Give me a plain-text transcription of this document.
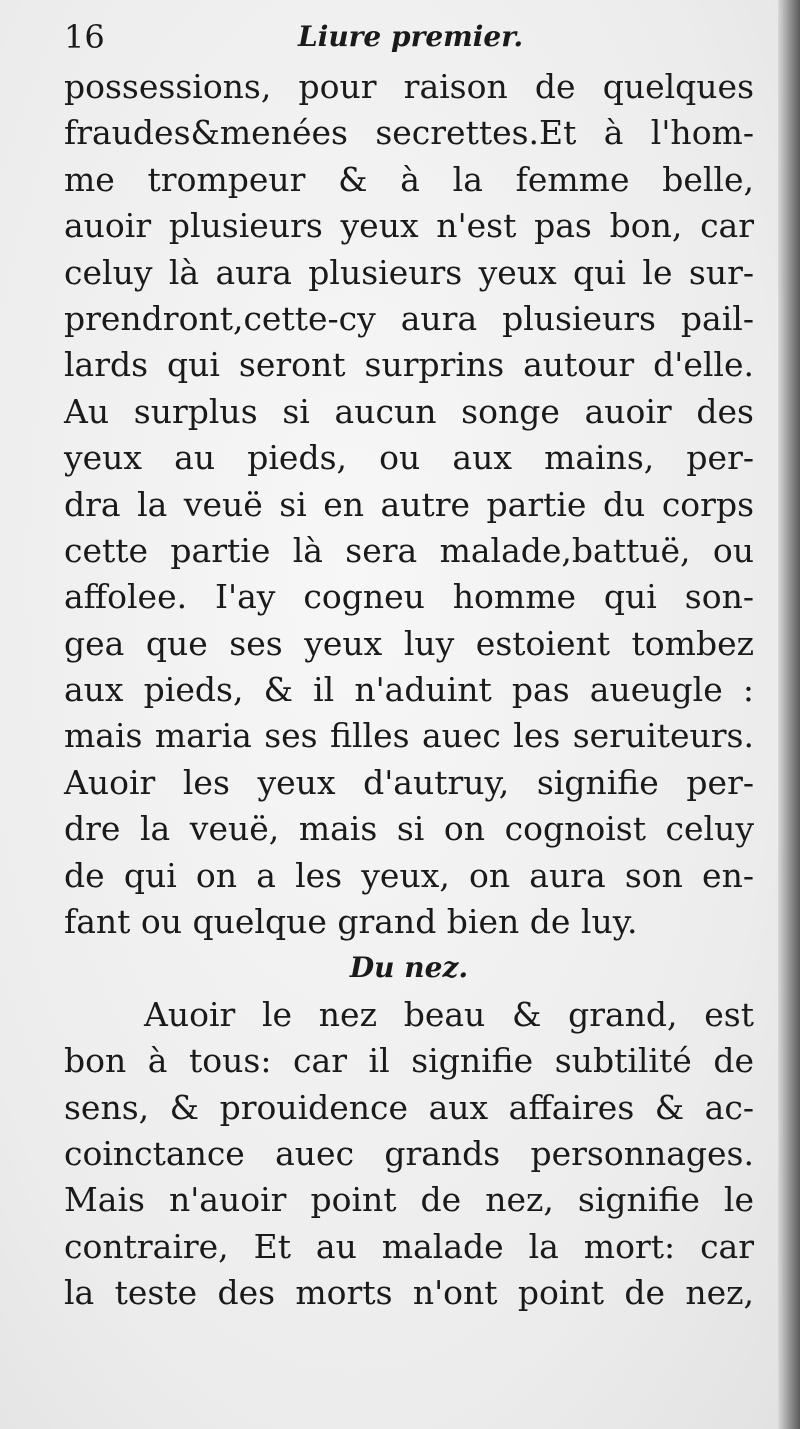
16	Liure premier.
possessions, pour raison de quelques
fraudes&menées secrettes.Et à l'hom-
me trompeur & à la femme belle,
auoir plusieurs yeux n'est pas bon, car
celuy là aura plusieurs yeux qui le sur-
prendront,cette-cy aura plusieurs pail-
lards qui seront surprins autour d'elle.
Au surplus si aucun songe auoir des
yeux au pieds, ou aux mains, per-
dra la veuë si en autre partie du corps
cette partie là sera malade,battuë, ou
affolee. I'ay cogneu homme qui son-
gea que ses yeux luy estoient tombez
aux pieds, & il n'aduint pas aueugle :
mais maria ses filles auec les seruiteurs.
Auoir les yeux d'autruy, signifie per-
dre la veuë, mais si on cognoist celuy
de qui on a les yeux, on aura son en-
fant ou quelque grand bien de luy.
Du nez.
Auoir le nez beau & grand, est
bon à tous: car il signifie subtilité de
sens, & prouidence aux affaires & ac-
coinctance auec grands personnages.
Mais n'auoir point de nez, signifie le
contraire, Et au malade la mort: car
la teste des morts n'ont point de nez,
